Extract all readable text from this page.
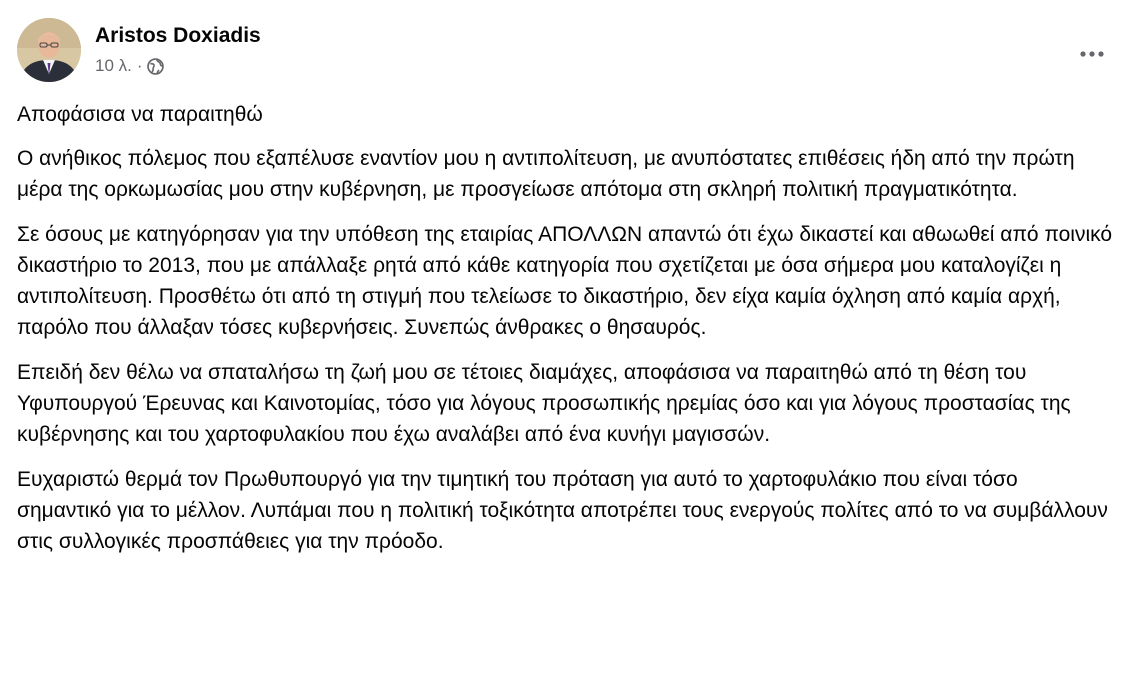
Aristos Doxiadis
10 λ. ·

Αποφάσισα να παραιτηθώ

Ο ανήθικος πόλεμος που εξαπέλυσε εναντίον μου η αντιπολίτευση, με ανυπόστατες επιθέσεις ήδη από την πρώτη μέρα της ορκωμωσίας μου στην κυβέρνηση, με προσγείωσε απότομα στη σκληρή πολιτική πραγματικότητα.

Σε όσους με κατηγόρησαν για την υπόθεση της εταιρίας ΑΠΟΛΛΩΝ απαντώ ότι έχω δικαστεί και αθωωθεί από ποινικό δικαστήριο το 2013, που με απάλλαξε ρητά από κάθε κατηγορία που σχετίζεται με όσα σήμερα μου καταλογίζει η αντιπολίτευση. Προσθέτω ότι από τη στιγμή που τελείωσε το δικαστήριο, δεν είχα καμία όχληση από καμία αρχή, παρόλο που άλλαξαν τόσες κυβερνήσεις. Συνεπώς άνθρακες ο θησαυρός.

Επειδή δεν θέλω να σπαταλήσω τη ζωή μου σε τέτοιες διαμάχες, αποφάσισα να παραιτηθώ από τη θέση του Υφυπουργού Έρευνας και Καινοτομίας, τόσο για λόγους προσωπικής ηρεμίας όσο και για λόγους προστασίας της κυβέρνησης και του χαρτοφυλακίου που έχω αναλάβει από ένα κυνήγι μαγισσών.

Ευχαριστώ θερμά τον Πρωθυπουργό για την τιμητική του πρόταση για αυτό το χαρτοφυλάκιο που είναι τόσο σημαντικό για το μέλλον. Λυπάμαι που η πολιτική τοξικότητα αποτρέπει τους ενεργούς πολίτες από το να συμβάλλουν στις συλλογικές προσπάθειες για την πρόοδο.
